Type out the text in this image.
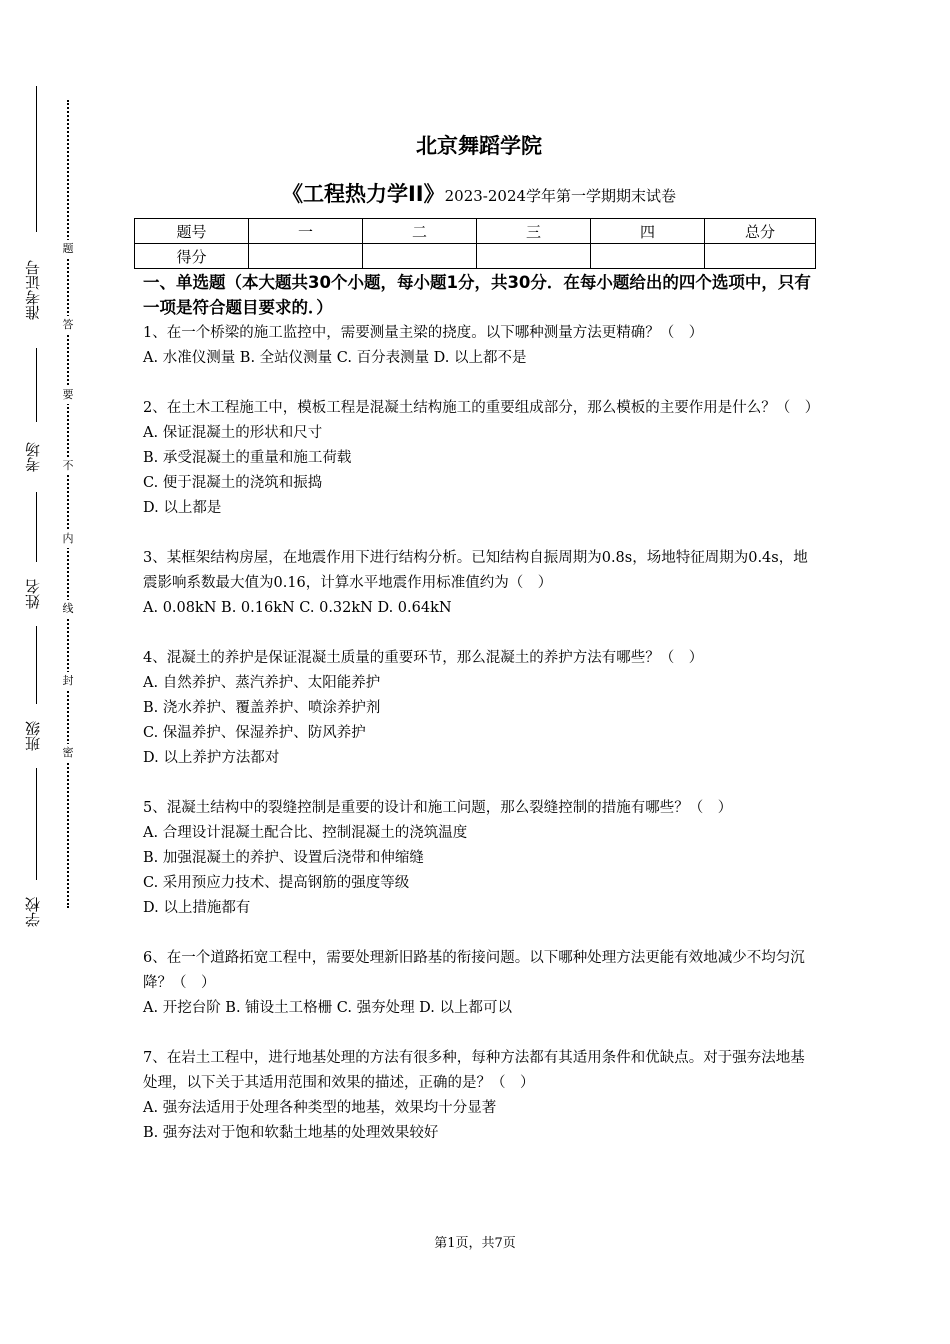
准考证号
考场
姓名
班级
学校
题
答
要
不
内
线
封
密
北京舞蹈学院
《工程热力学II》2023-2024学年第一学期期末试卷
题号	一	二	三	四	总分
得分					
一、单选题（本大题共30个小题，每小题1分，共30分．在每小题给出的四个选项中，只有一项是符合题目要求的．）

1、在一个桥梁的施工监控中，需要测量主梁的挠度。以下哪种测量方法更精确？（　）

A. 水准仪测量 B. 全站仪测量 C. 百分表测量 D. 以上都不是

2、在土木工程施工中，模板工程是混凝土结构施工的重要组成部分，那么模板的主要作用是什么？（　）

A. 保证混凝土的形状和尺寸

B. 承受混凝土的重量和施工荷载

C. 便于混凝土的浇筑和振捣

D. 以上都是

3、某框架结构房屋，在地震作用下进行结构分析。已知结构自振周期为0.8s，场地特征周期为0.4s，地震影响系数最大值为0.16，计算水平地震作用标准值约为（　）

A. 0.08kN B. 0.16kN C. 0.32kN D. 0.64kN

4、混凝土的养护是保证混凝土质量的重要环节，那么混凝土的养护方法有哪些？（　）

A. 自然养护、蒸汽养护、太阳能养护

B. 浇水养护、覆盖养护、喷涂养护剂

C. 保温养护、保湿养护、防风养护

D. 以上养护方法都对

5、混凝土结构中的裂缝控制是重要的设计和施工问题，那么裂缝控制的措施有哪些？（　）

A. 合理设计混凝土配合比、控制混凝土的浇筑温度

B. 加强混凝土的养护、设置后浇带和伸缩缝

C. 采用预应力技术、提高钢筋的强度等级

D. 以上措施都有

6、在一个道路拓宽工程中，需要处理新旧路基的衔接问题。以下哪种处理方法更能有效地减少不均匀沉降？（　）

A. 开挖台阶 B. 铺设土工格栅 C. 强夯处理 D. 以上都可以

7、在岩土工程中，进行地基处理的方法有很多种，每种方法都有其适用条件和优缺点。对于强夯法地基处理，以下关于其适用范围和效果的描述，正确的是？（　）

A. 强夯法适用于处理各种类型的地基，效果均十分显著

B. 强夯法对于饱和软黏土地基的处理效果较好

第1页，共7页
